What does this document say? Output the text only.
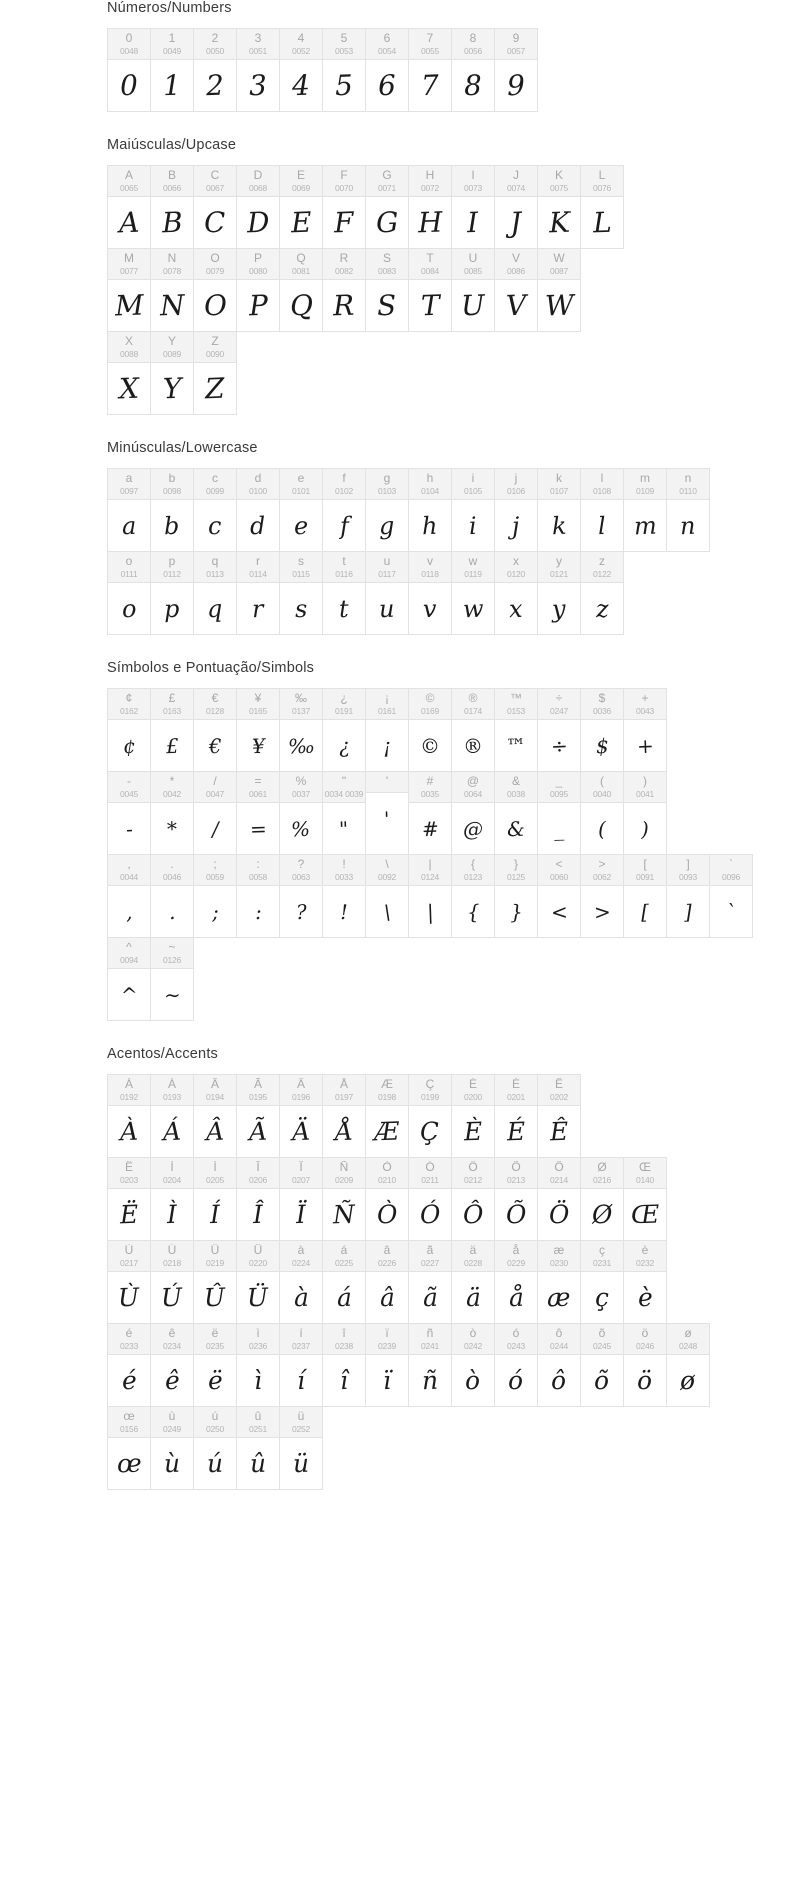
Números/Numbers
0
0048
0
1
0049
1
2
0050
2
3
0051
3
4
0052
4
5
0053
5
6
0054
6
7
0055
7
8
0056
8
9
0057
9
Maiúsculas/Upcase
A
0065
A
B
0066
B
C
0067
C
D
0068
D
E
0069
E
F
0070
F
G
0071
G
H
0072
H
I
0073
I
J
0074
J
K
0075
K
L
0076
L
M
0077
M
N
0078
N
O
0079
O
P
0080
P
Q
0081
Q
R
0082
R
S
0083
S
T
0084
T
U
0085
U
V
0086
V
W
0087
W
X
0088
X
Y
0089
Y
Z
0090
Z
Minúsculas/Lowercase
a
0097
a
b
0098
b
c
0099
c
d
0100
d
e
0101
e
f
0102
f
g
0103
g
h
0104
h
i
0105
i
j
0106
j
k
0107
k
l
0108
l
m
0109
m
n
0110
n
o
0111
o
p
0112
p
q
0113
q
r
0114
r
s
0115
s
t
0116
t
u
0117
u
v
0118
v
w
0119
w
x
0120
x
y
0121
y
z
0122
z
Símbolos e Pontuação/Simbols
¢
0162
¢
£
0163
£
€
0128
€
¥
0165
¥
‰
0137
‰
¿
0191
¿
¡
0161
¡
©
0169
©
®
0174
®
™
0153
™
÷
0247
÷
$
0036
$
+
0043
+
-
0045
-
*
0042
*
/
0047
/
=
0061
=
%
0037
%
"
0034 0039
"
'
'
#
0035
#
@
0064
@
&
0038
&
_
0095
_
(
0040
(
)
0041
)
,
0044
,
.
0046
.
;
0059
;
:
0058
:
?
0063
?
!
0033
!
\
0092
\
|
0124
|
{
0123
{
}
0125
}
<
0060
<
>
0062
>
[
0091
[
]
0093
]
`
0096
`
^
0094
^
~
0126
~
Acentos/Accents
À
0192
À
Á
0193
Á
Â
0194
Â
Ã
0195
Ã
Ä
0196
Ä
Å
0197
Å
Æ
0198
Æ
Ç
0199
Ç
È
0200
È
É
0201
É
Ê
0202
Ê
Ë
0203
Ë
Ì
0204
Ì
Í
0205
Í
Î
0206
Î
Ï
0207
Ï
Ñ
0209
Ñ
Ò
0210
Ò
Ó
0211
Ó
Ô
0212
Ô
Õ
0213
Õ
Ö
0214
Ö
Ø
0216
Ø
Œ
0140
Œ
Ù
0217
Ù
Ú
0218
Ú
Û
0219
Û
Ü
0220
Ü
à
0224
à
á
0225
á
â
0226
â
ã
0227
ã
ä
0228
ä
å
0229
å
æ
0230
æ
ç
0231
ç
è
0232
è
é
0233
é
ê
0234
ê
ë
0235
ë
ì
0236
ì
í
0237
í
î
0238
î
ï
0239
ï
ñ
0241
ñ
ò
0242
ò
ó
0243
ó
ô
0244
ô
õ
0245
õ
ö
0246
ö
ø
0248
ø
œ
0156
œ
ù
0249
ù
ú
0250
ú
û
0251
û
ü
0252
ü
